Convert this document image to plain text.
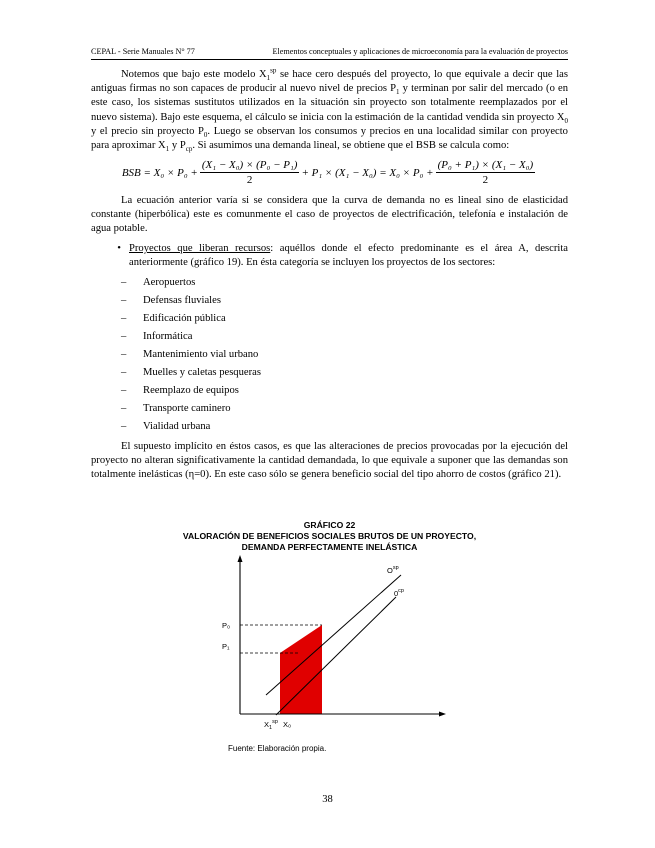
CEPAL - Serie Manuales N° 77	Elementos conceptuales y aplicaciones de microeconomía para la evaluación de proyectos

Notemos que bajo este modelo $X_1^{sp}$ se hace cero después del proyecto, lo que equivale a decir que las antiguas firmas no son capaces de producir al nuevo nivel de precios $P_1$ y terminan por salir del mercado (o en este caso, los sistemas sustitutos utilizados en la situación sin proyecto son totalmente reemplazados por el nuevo sistema). Bajo este esquema, el cálculo se inicia con la estimación de la cantidad vendida sin proyecto $X_0$ y el precio sin proyecto $P_0$. Luego se observan los consumos y precios en una localidad similar con proyecto para aproximar $X_1$ y $P_{cp}$. Si asumimos una demanda lineal, se obtiene que el BSB se calcula como:

BSB = $X_0 \times P_0 + \frac{\text{(X₁ − X₀) × (P₀ − P₁)}}{2} + P_1 \times (X_1 - X_0) = X_0 \times P_0 + \frac{\text{(P₀ + P₁) × (X₁ − X₀)}}{2}$

La ecuación anterior varía si se considera que la curva de demanda no es lineal sino de elasticidad constante (hiperbólica) este es comunmente el caso de proyectos de electrificación, telefonía e instalación de agua potable.

• Proyectos que liberan recursos: aquéllos donde el efecto predominante es el área A, descrita anteriormente (gráfico 19). En ésta categoría se incluyen los proyectos de los sectores:

–	Aeropuertos
–	Defensas fluviales
–	Edificación pública
–	Informática
–	Mantenimiento vial urbano
–	Muelles y caletas pesqueras
–	Reemplazo de equipos
–	Transporte caminero
–	Vialidad urbana

El supuesto implícito en éstos casos, es que las alteraciones de precios provocadas por la ejecución del proyecto no alteran significativamente la cantidad demandada, lo que equivale a suponer que las demandas son totalmente inelásticas (η=0). En este caso sólo se genera beneficio social del tipo ahorro de costos (gráfico 21).

GRÁFICO 22
VALORACIÓN DE BENEFICIOS SOCIALES BRUTOS DE UN PROYECTO,
DEMANDA PERFECTAMENTE INELÁSTICA
P₀
P₁
$X_1^{sp}$ X₀
$O^{sp}$
$0^{cp}$
Fuente: Elaboración propia.
38
